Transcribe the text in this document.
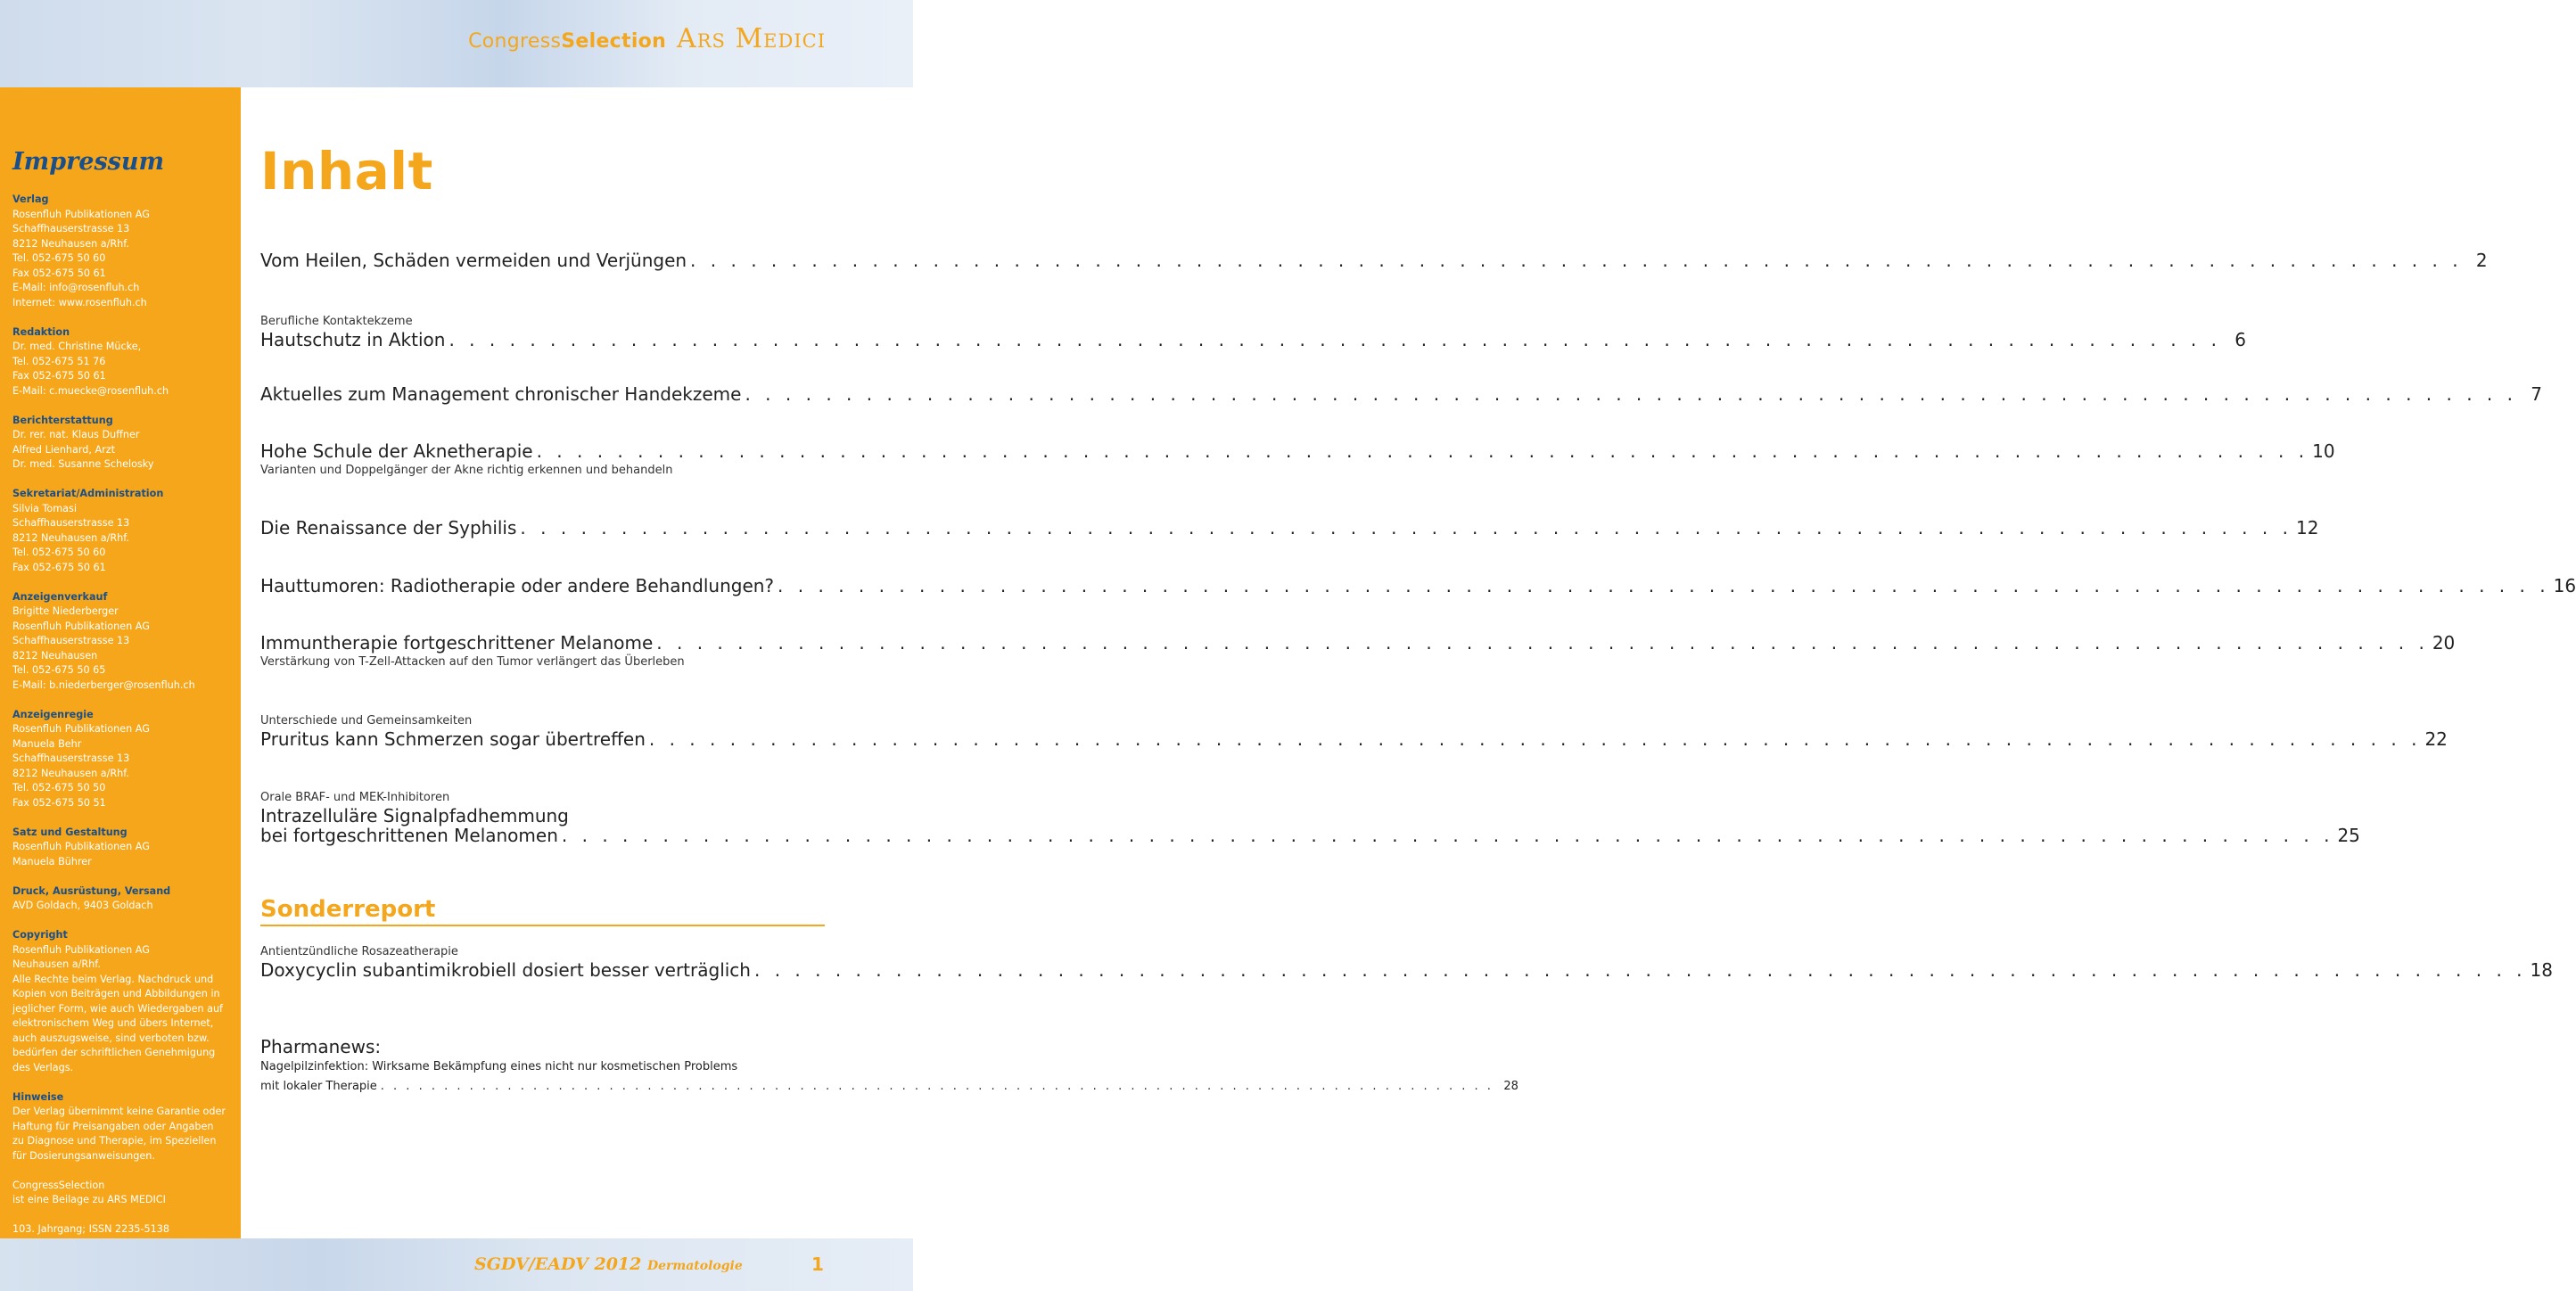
CongressSelection Ars Medici
Impressum
Verlag
Rosenfluh Publikationen AG
Schaffhauserstrasse 13
8212 Neuhausen a/Rhf.
Tel. 052-675 50 60
Fax 052-675 50 61
E-Mail: info@rosenfluh.ch
Internet: www.rosenfluh.ch
Redaktion
Dr. med. Christine Mücke,
Tel. 052-675 51 76
Fax 052-675 50 61
E-Mail: c.muecke@rosenfluh.ch
Berichterstattung
Dr. rer. nat. Klaus Duffner
Alfred Lienhard, Arzt
Dr. med. Susanne Schelosky
Sekretariat/Administration
Silvia Tomasi
Schaffhauserstrasse 13
8212 Neuhausen a/Rhf.
Tel. 052-675 50 60
Fax 052-675 50 61
Anzeigenverkauf
Brigitte Niederberger
Rosenfluh Publikationen AG
Schaffhauserstrasse 13
8212 Neuhausen
Tel. 052-675 50 65
E-Mail: b.niederberger@rosenfluh.ch
Anzeigenregie
Rosenfluh Publikationen AG
Manuela Behr
Schaffhauserstrasse 13
8212 Neuhausen a/Rhf.
Tel. 052-675 50 50
Fax 052-675 50 51
Satz und Gestaltung
Rosenfluh Publikationen AG
Manuela Bührer
Druck, Ausrüstung, Versand
AVD Goldach, 9403 Goldach
Copyright
Rosenfluh Publikationen AG
Neuhausen a/Rhf.
Alle Rechte beim Verlag. Nachdruck und
Kopien von Beiträgen und Abbildungen in
jeglicher Form, wie auch Wiedergaben auf
elektronischem Weg und übers Internet,
auch auszugsweise, sind verboten bzw.
bedürfen der schriftlichen Genehmigung
des Verlags.
Hinweise
Der Verlag übernimmt keine Garantie oder
Haftung für Preisangaben oder Angaben
zu Diagnose und Therapie, im Speziellen
für Dosierungsanweisungen.
CongressSelection
ist eine Beilage zu ARS MEDICI
103. Jahrgang; ISSN 2235-5138
Inhalt
Vom Heilen, Schäden vermeiden und Verjüngen . . . . . . . . . . . . . . . . . . . . . . . . . . . . . . . . . . . . . . . . . . . . . . . . . . . . . . . . . . . . . . . . . . . . . . . . . . . . . . . . . . . . . . . . 2
Berufliche Kontaktekzeme
Hautschutz in Aktion . . . . . . . . . . . . . . . . . . . . . . . . . . . . . . . . . . . . . . . . . . . . . . . . . . . . . . . . . . . . . . . . . . . . . . . . . . . . . . . . . . . . . . . . 6
Aktuelles zum Management chronischer Handekzeme . . . . . . . . . . . . . . . . . . . . . . . . . . . . . . . . . . . . . . . . . . . . . . . . . . . . . . . . . . . . . . . . . . . . . . . . . . . . . . . . . . . . . . . . 7
Hohe Schule der Aknetherapie . . . . . . . . . . . . . . . . . . . . . . . . . . . . . . . . . . . . . . . . . . . . . . . . . . . . . . . . . . . . . . . . . . . . . . . . . . . . . . . . . . . . . . . . 10
Varianten und Doppelgänger der Akne richtig erkennen und behandeln
Die Renaissance der Syphilis . . . . . . . . . . . . . . . . . . . . . . . . . . . . . . . . . . . . . . . . . . . . . . . . . . . . . . . . . . . . . . . . . . . . . . . . . . . . . . . . . . . . . . . . 12
Hauttumoren: Radiotherapie oder andere Behandlungen? . . . . . . . . . . . . . . . . . . . . . . . . . . . . . . . . . . . . . . . . . . . . . . . . . . . . . . . . . . . . . . . . . . . . . . . . . . . . . . . . . . . . . . . . 16
Immuntherapie fortgeschrittener Melanome . . . . . . . . . . . . . . . . . . . . . . . . . . . . . . . . . . . . . . . . . . . . . . . . . . . . . . . . . . . . . . . . . . . . . . . . . . . . . . . . . . . . . . . . 20
Verstärkung von T-Zell-Attacken auf den Tumor verlängert das Überleben
Unterschiede und Gemeinsamkeiten
Pruritus kann Schmerzen sogar übertreffen . . . . . . . . . . . . . . . . . . . . . . . . . . . . . . . . . . . . . . . . . . . . . . . . . . . . . . . . . . . . . . . . . . . . . . . . . . . . . . . . . . . . . . . . 22
Orale BRAF- und MEK-Inhibitoren
Intrazelluläre Signalpfadhemmung
bei fortgeschrittenen Melanomen . . . . . . . . . . . . . . . . . . . . . . . . . . . . . . . . . . . . . . . . . . . . . . . . . . . . . . . . . . . . . . . . . . . . . . . . . . . . . . . . . . . . . . . . 25
Sonderreport
Antientzündliche Rosazeatherapie
Doxycyclin subantimikrobiell dosiert besser verträglich . . . . . . . . . . . . . . . . . . . . . . . . . . . . . . . . . . . . . . . . . . . . . . . . . . . . . . . . . . . . . . . . . . . . . . . . . . . . . . . . . . . . . . . . 18
Pharmanews:
Nagelpilzinfektion: Wirksame Bekämpfung eines nicht nur kosmetischen Problems
mit lokaler Therapie . . . . . . . . . . . . . . . . . . . . . . . . . . . . . . . . . . . . . . . . . . . . . . . . . . . . . . . . . . . . . . . . . . . . . . . . . . . . . . . . . . . . . . . . 28
SGDV/EADV 2012 Dermatologie	1
